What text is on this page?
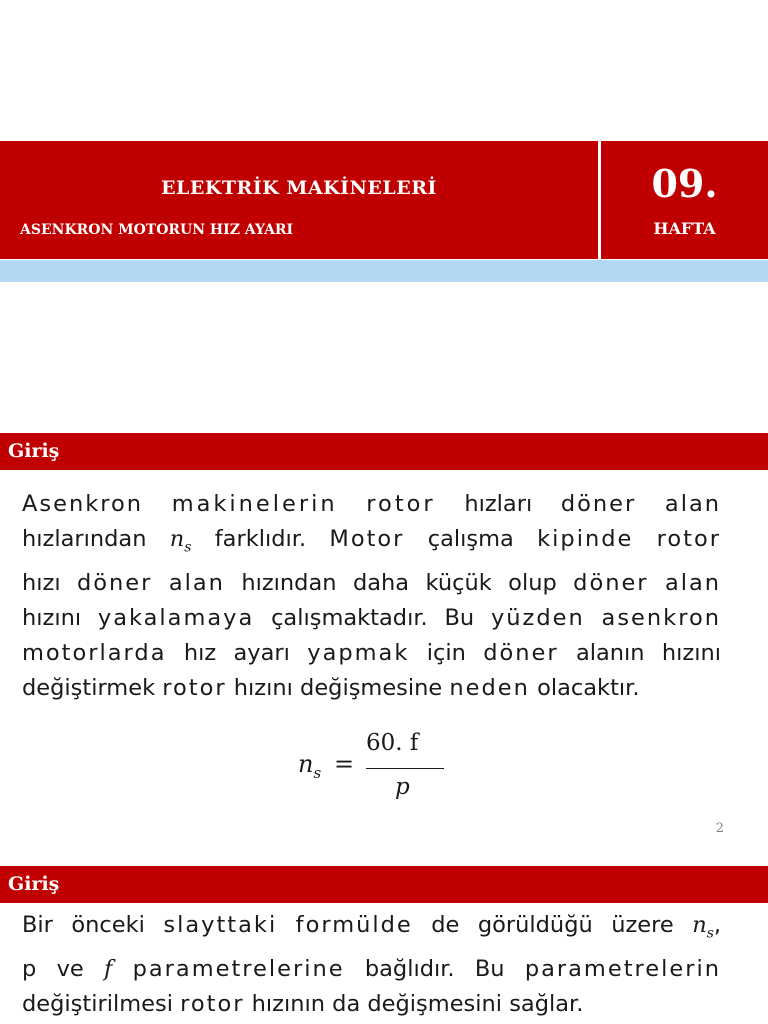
ELEKTRİK MAKİNELERİ
ASENKRON MOTORUN HIZ AYARI
09.
HAFTA
Giriş
Asenkron makinelerin rotor hızları döner alan
hızlarından $n_s$ farklıdır. Motor çalışma kipinde rotor
hızı döner alan hızından daha küçük olup döner alan
hızını yakalamaya çalışmaktadır. Bu yüzden asenkron
motorlarda hız ayarı yapmak için döner alanın hızını
değiştirmek rotor hızını değişmesine neden olacaktır.
$n_s$ =
60. f
p
2
Giriş
Bir önceki slayttaki formülde de görüldüğü üzere $n_s$,
p ve f parametrelerine bağlıdır. Bu parametrelerin
değiştirilmesi rotor hızının da değişmesini sağlar.
